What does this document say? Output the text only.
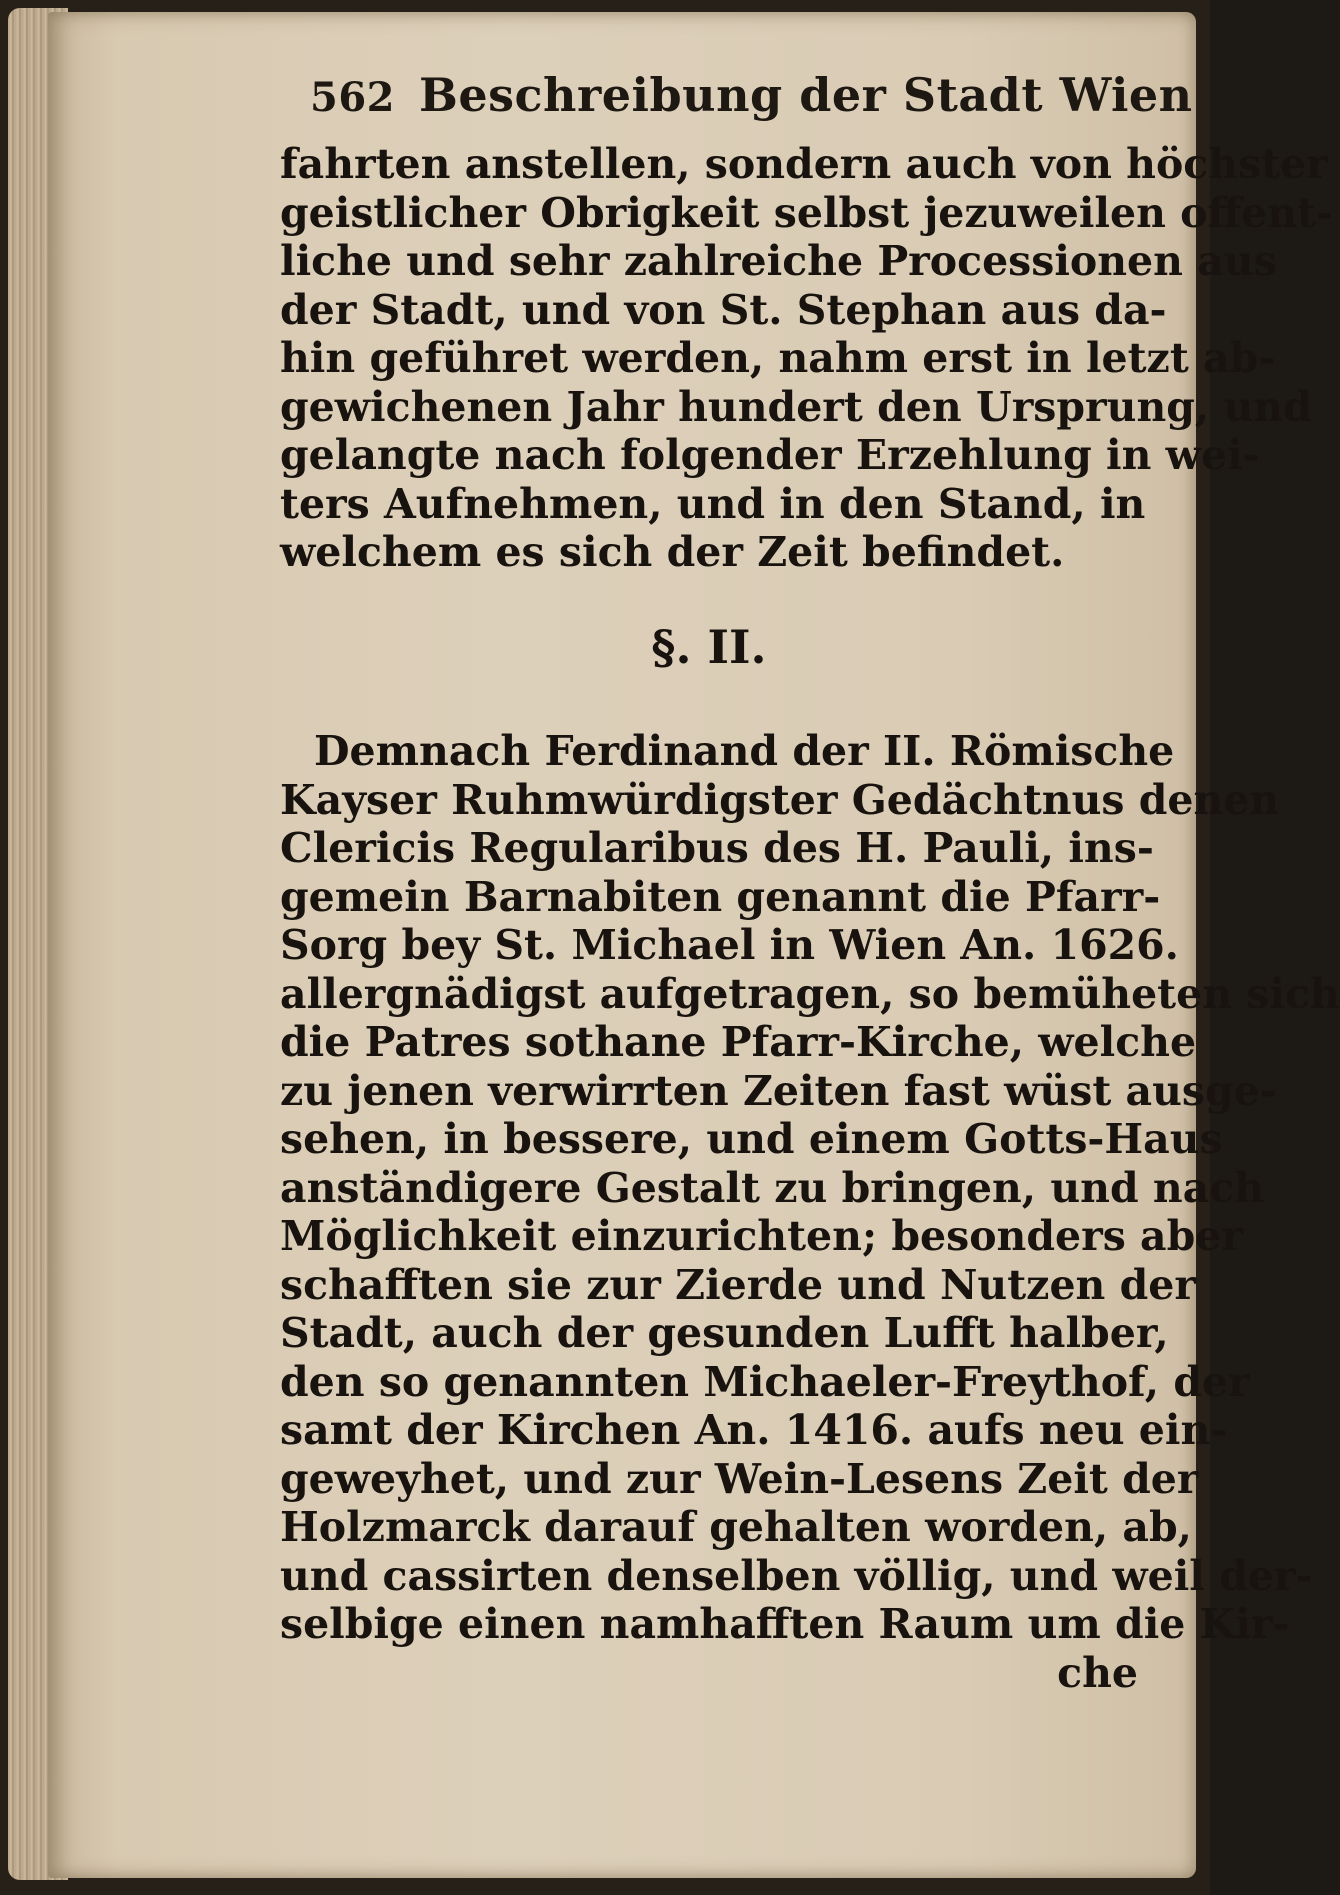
562 Beschreibung der Stadt Wien
fahrten anstellen, sondern auch von höchster
geistlicher Obrigkeit selbst jezuweilen offent-
liche und sehr zahlreiche Processionen aus
der Stadt, und von St. Stephan aus da-
hin geführet werden, nahm erst in letzt ab-
gewichenen Jahr hundert den Ursprung, und
gelangte nach folgender Erzehlung in wei-
ters Aufnehmen, und in den Stand, in
welchem es sich der Zeit befindet.
§. II.
Demnach Ferdinand der II. Römische
Kayser Ruhmwürdigster Gedächtnus denen
Clericis Regularibus des H. Pauli, ins-
gemein Barnabiten genannt die Pfarr-
Sorg bey St. Michael in Wien An. 1626.
allergnädigst aufgetragen, so bemüheten sich
die Patres sothane Pfarr-Kirche, welche
zu jenen verwirrten Zeiten fast wüst ausge-
sehen, in bessere, und einem Gotts-Haus
anständigere Gestalt zu bringen, und nach
Möglichkeit einzurichten; besonders aber
schafften sie zur Zierde und Nutzen der
Stadt, auch der gesunden Lufft halber,
den so genannten Michaeler-Freythof, der
samt der Kirchen An. 1416. aufs neu ein-
geweyhet, und zur Wein-Lesens Zeit der
Holzmarck darauf gehalten worden, ab,
und cassirten denselben völlig, und weil der-
selbige einen namhafften Raum um die Kir-
che
